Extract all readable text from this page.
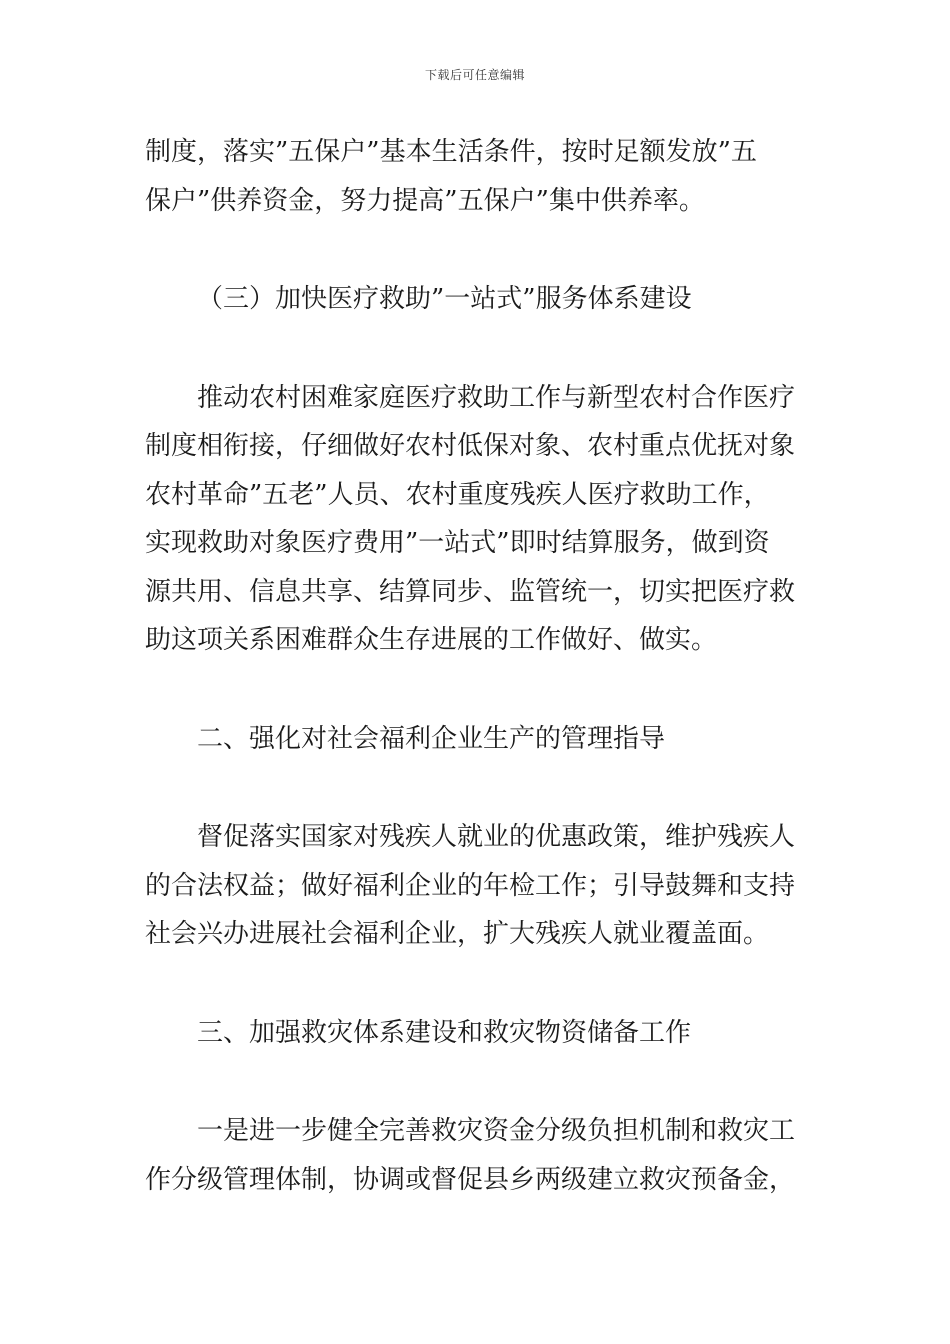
下载后可任意编辑
制度，落实”五保户”基本生活条件，按时足额发放”五
保户”供养资金，努力提高”五保户”集中供养率。
（三）加快医疗救助”一站式”服务体系建设
推动农村困难家庭医疗救助工作与新型农村合作医疗
制度相衔接，仔细做好农村低保对象、农村重点优抚对象
农村革命”五老”人员、农村重度残疾人医疗救助工作，
实现救助对象医疗费用”一站式”即时结算服务，做到资
源共用、信息共享、结算同步、监管统一，切实把医疗救
助这项关系困难群众生存进展的工作做好、做实。
二、强化对社会福利企业生产的管理指导
督促落实国家对残疾人就业的优惠政策，维护残疾人
的合法权益；做好福利企业的年检工作；引导鼓舞和支持
社会兴办进展社会福利企业，扩大残疾人就业覆盖面。
三、加强救灾体系建设和救灾物资储备工作
一是进一步健全完善救灾资金分级负担机制和救灾工
作分级管理体制，协调或督促县乡两级建立救灾预备金，
